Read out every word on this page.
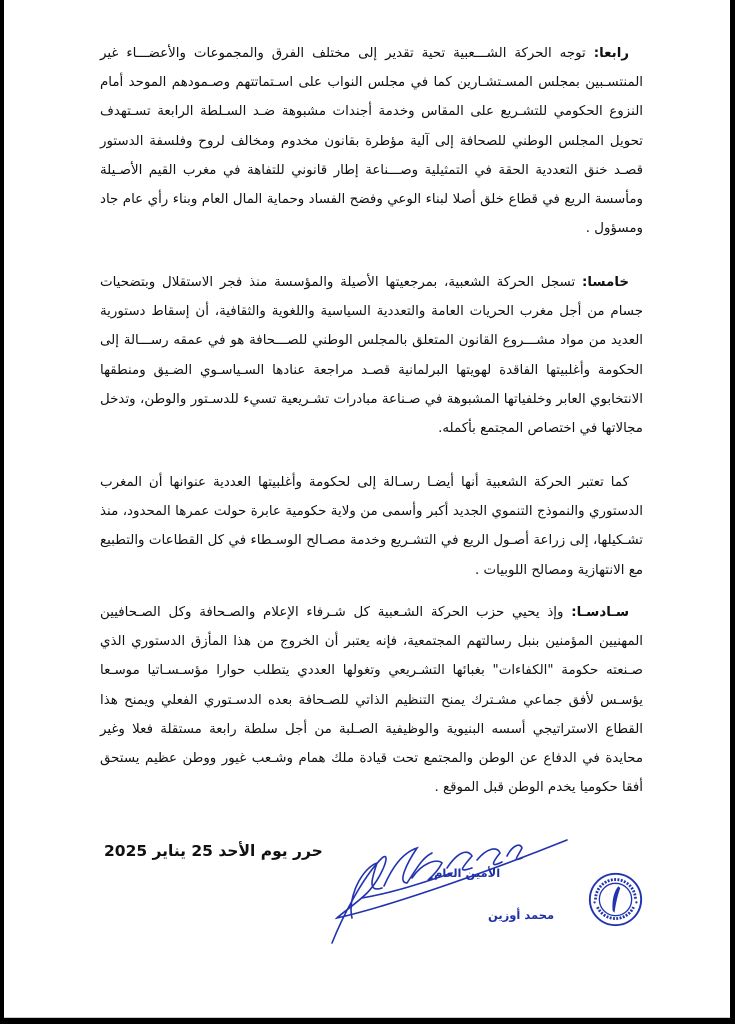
رابعا: توجه الحركة الشـــعبية تحية تقدير إلى مختلف الفرق والمجموعات والأعضـــاء غير المنتسـبين بمجلس المسـتشـارين كما في مجلس النواب على اسـتماتتهم وصـمودهم الموحد أمام النزوع الحكومي للتشـريع على المقاس وخدمة أجندات مشبوهة ضـد السـلطة الرابعة تسـتهدف تحويل المجلس الوطني للصحافة إلى آلية مؤطرة بقانون مخدوم ومخالف لروح وفلسفة الدستور قصـد خنق التعددية الحقة في التمثيلية وصـــناعة إطار قانوني للتفاهة في مغرب القيم الأصـيلة ومأسسة الريع في قطاع خلق أصلا لبناء الوعي وفضح الفساد وحماية المال العام وبناء رأي عام جاد ومسؤول .

خامسا: تسجل الحركة الشعبية، بمرجعيتها الأصيلة والمؤسسة منذ فجر الاستقلال وبتضحيات جسام من أجل مغرب الحريات العامة والتعددية السياسية واللغوية والثقافية، أن إسقاط دستورية العديد من مواد مشـــروع القانون المتعلق بالمجلس الوطني للصـــحافة هو في عمقه رســـالة إلى الحكومة وأغلبيتها الفاقدة لهويتها البرلمانية قصـد مراجعة عنادها السـياسـوي الضـيق ومنطقها الانتخابوي العابر وخلفياتها المشبوهة في صـناعة مبادرات تشـريعية تسيء للدسـتور والوطن، وتدخل مجالاتها في اختصاص المجتمع بأكمله.

كما تعتبر الحركة الشعبية أنها أيضـا رسـالة إلى لحكومة وأغلبيتها العددية عنوانها أن المغرب الدستوري والنموذج التنموي الجديد أكبر وأسمى من ولاية حكومية عابرة حولت عمرها المحدود، منذ تشـكيلها، إلى زراعة أصـول الريع في التشـريع وخدمة مصـالح الوسـطاء في كل القطاعات والتطبيع مع الانتهازية ومصالح اللوبيات .

سـادسـا: وإذ يحيي حزب الحركة الشـعبية كل شـرفاء الإعلام والصـحافة وكل الصـحافيين المهنيين المؤمنين بنبل رسالتهم المجتمعية، فإنه يعتبر أن الخروج من هذا المأزق الدستوري الذي صـنعته حكومة "الكفاءات" بغبائها التشـريعي وتغولها العددي يتطلب حوارا مؤسـسـاتيا موسـعا يؤسـس لأفق جماعي مشـترك يمنح التنظيم الذاتي للصـحافة بعده الدسـتوري الفعلي ويمنح هذا القطاع الاستراتيجي أسسه البنيوية والوظيفية الصـلبة من أجل سلطة رابعة مستقلة فعلا وغير محايدة في الدفاع عن الوطن والمجتمع تحت قيادة ملك همام وشـعب غيور ووطن عظيم يستحق أفقا حكوميا يخدم الوطن قبل الموقع .

حرر يوم الأحد 25 يناير 2025
الأمين العام
محمد أوزين
